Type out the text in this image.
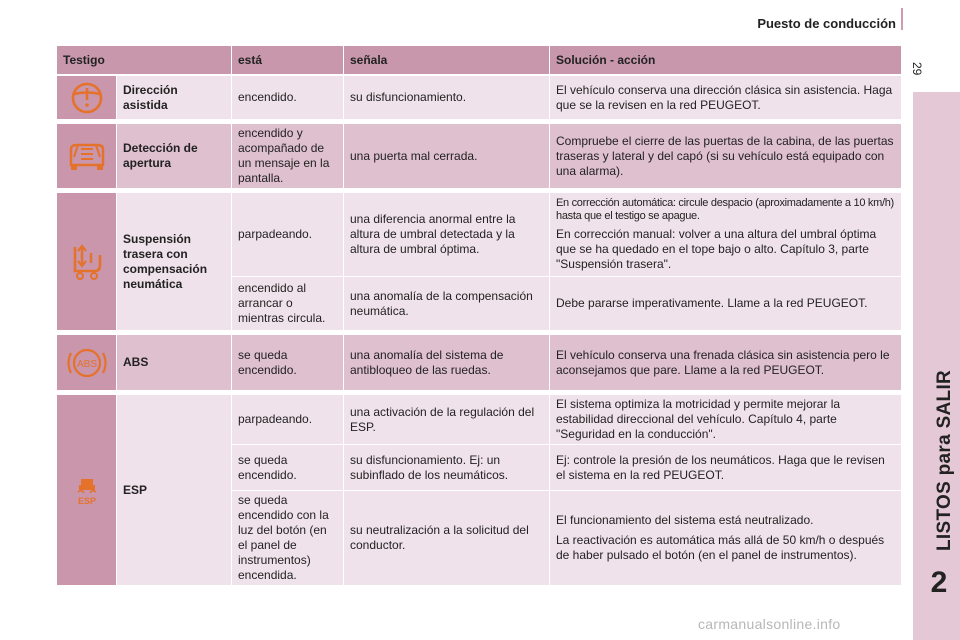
Puesto de conducción
29
LISTOS para SALIR
2
Testigo		está	señala	Solución - acción

	Dirección asistida	encendido.	su disfuncionamiento.	El vehículo conserva una dirección clásica sin asistencia. Haga que se la revisen en la red PEUGEOT.

	Detección de apertura	encendido y acompañado de un mensaje en la pantalla.	una puerta mal cerrada.	Compruebe el cierre de las puertas de la cabina, de las puertas traseras y lateral y del capó (si su vehículo está equipado con una alarma).

	Suspensión trasera con compensación neumática	parpadeando.	una diferencia anormal entre la altura de umbral detectada y la altura de umbral óptima.	En corrección automática: circule despacio (aproximadamente a 10 km/h) hasta que el testigo se apague.
En corrección manual: volver a una altura del umbral óptima que se ha quedado en el tope bajo o alto. Capítulo 3, parte "Suspensión trasera".

		encendido al arrancar o mientras circula.	una anomalía de la compensación neumática.	Debe pararse imperativamente. Llame a la red PEUGEOT.

ABS	ABS	se queda encendido.	una anomalía del sistema de antibloqueo de las ruedas.	El vehículo conserva una frenada clásica sin asistencia pero le aconsejamos que pare. Llame a la red PEUGEOT.

ESP	ESP	parpadeando.	una activación de la regulación del ESP.	El sistema optimiza la motricidad y permite mejorar la estabilidad direccional del vehículo. Capítulo 4, parte "Seguridad en la conducción".
		se queda encendido.	su disfuncionamiento. Ej: un subinflado de los neumáticos.	Ej: controle la presión de los neumáticos. Haga que le revisen el sistema en la red PEUGEOT.
		se queda encendido con la luz del botón (en el panel de instrumentos) encendida.	su neutralización a la solicitud del conductor.	El funcionamiento del sistema está neutralizado.
La reactivación es automática más allá de 50 km/h o después de haber pulsado el botón (en el panel de instrumentos).
carmanualsonline.info
